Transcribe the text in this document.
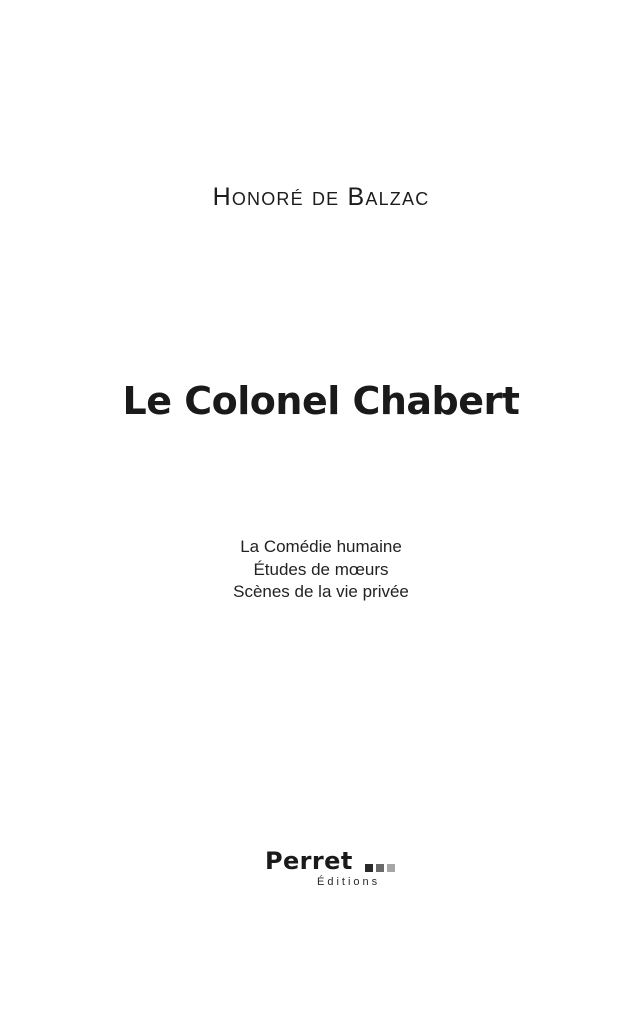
Honoré de Balzac
Le Colonel Chabert
La Comédie humaine
Études de mœurs
Scènes de la vie privée
Perret
Éditions
